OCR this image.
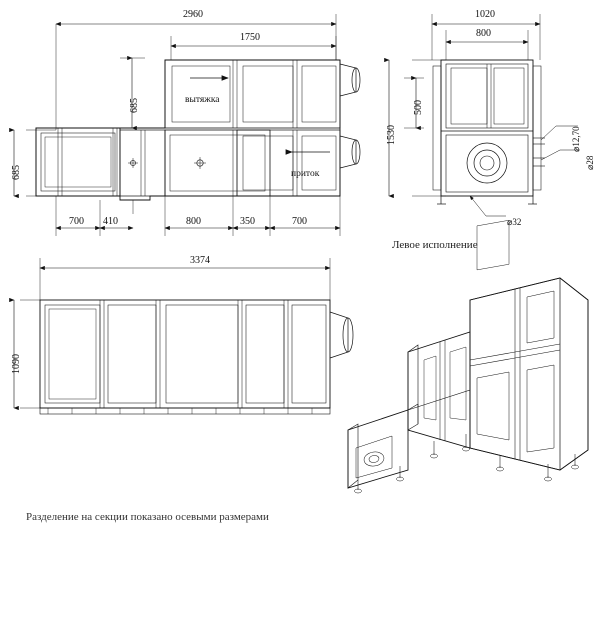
2960
1750
685
685
700 410	800	350	700
вытяжка
приток
1020
800
1530
500
⌀12,70
⌀28
⌀32
Левое исполнение
3374
1090
Разделение на секции показано осевыми размерами
